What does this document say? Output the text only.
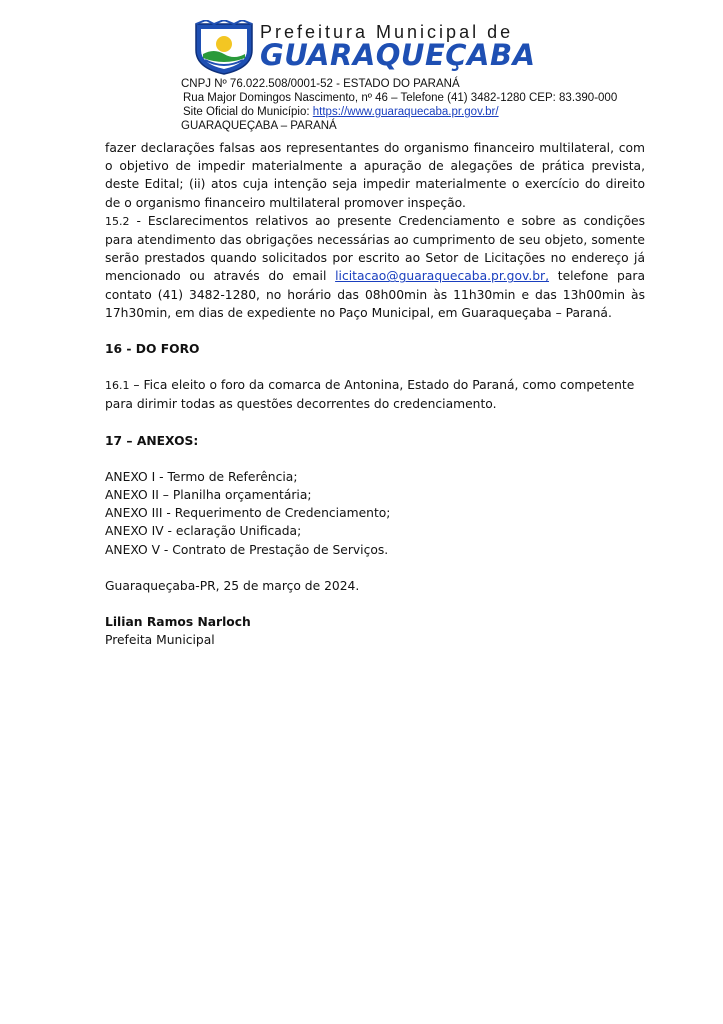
Prefeitura Municipal de
GUARAQUEÇABA
CNPJ Nº 76.022.508/0001-52 - ESTADO DO PARANÁ
Rua Major Domingos Nascimento, nº 46 – Telefone (41) 3482-1280 CEP: 83.390-000
Site Oficial do Município: https://www.guaraquecaba.pr.gov.br/
GUARAQUEÇABA – PARANÁ

fazer declarações falsas aos representantes do organismo financeiro multilateral, com o objetivo de impedir materialmente a apuração de alegações de prática prevista, deste Edital; (ii) atos cuja intenção seja impedir materialmente o exercício do direito de o organismo financeiro multilateral promover inspeção.

15.2 - Esclarecimentos relativos ao presente Credenciamento e sobre as condições para atendimento das obrigações necessárias ao cumprimento de seu objeto, somente serão prestados quando solicitados por escrito ao Setor de Licitações no endereço já mencionado ou através do email licitacao@guaraquecaba.pr.gov.br, telefone para contato (41) 3482-1280, no horário das 08h00min às 11h30min e das 13h00min às 17h30min, em dias de expediente no Paço Municipal, em Guaraqueçaba – Paraná.

16 - DO FORO

16.1 – Fica eleito o foro da comarca de Antonina, Estado do Paraná, como competente para dirimir todas as questões decorrentes do credenciamento.

17 – ANEXOS:

ANEXO I - Termo de Referência;

ANEXO II – Planilha orçamentária;

ANEXO III - Requerimento de Credenciamento;

ANEXO IV - eclaração Unificada;

ANEXO V - Contrato de Prestação de Serviços.

Guaraqueçaba-PR, 25 de março de 2024.

Lilian Ramos Narloch

Prefeita Municipal
